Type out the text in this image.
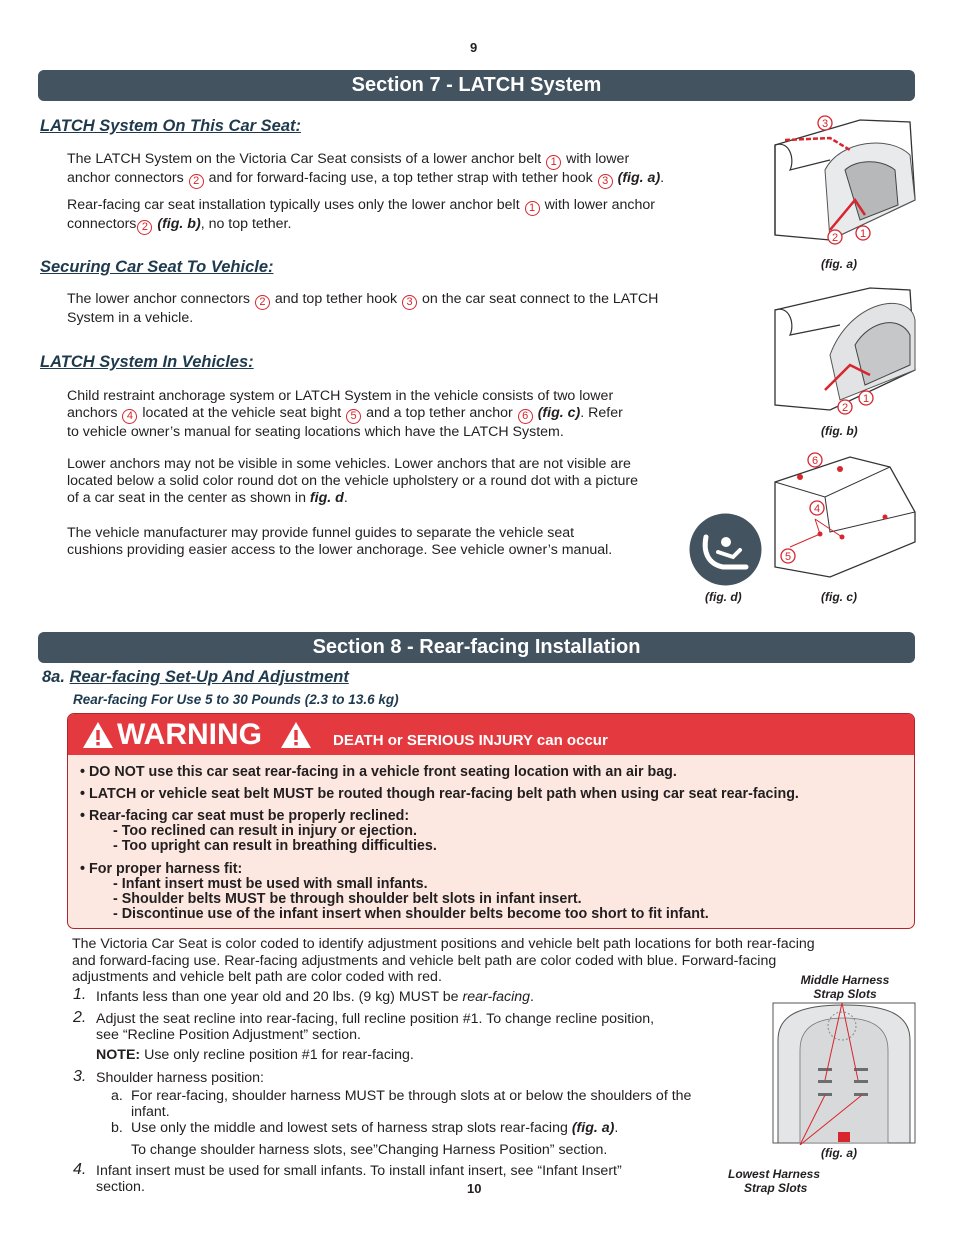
9
Section 7 - LATCH System
LATCH System On This Car Seat:
The LATCH System on the Victoria Car Seat consists of a lower anchor belt 1 with lower
anchor connectors 2 and for forward-facing use, a top tether strap with tether hook 3 (fig. a).
Rear-facing car seat installation typically uses only the lower anchor belt 1 with lower anchor
connectors 2 (fig. b), no top tether.
Securing Car Seat To Vehicle:
The lower anchor connectors 2 and top tether hook 3 on the car seat connect to the LATCH
System in a vehicle.
LATCH System In Vehicles:
Child restraint anchorage system or LATCH System in the vehicle consists of two lower
anchors 4 located at the vehicle seat bight 5 and a top tether anchor 6 (fig. c). Refer
to vehicle owner’s manual for seating locations which have the LATCH System.
Lower anchors may not be visible in some vehicles. Lower anchors that are not visible are
located below a solid color round dot on the vehicle upholstery or a round dot with a picture
of a car seat in the center as shown in fig. d.
The vehicle manufacturer may provide funnel guides to separate the vehicle seat
cushions providing easier access to the lower anchorage. See vehicle owner’s manual.
3
2 1
(fig. a)
2
1
(fig. b)
(fig. d)
6
4
5
(fig. c)
Section 8 - Rear-facing Installation
8a. Rear-facing Set-Up And Adjustment
Rear-facing For Use 5 to 30 Pounds (2.3 to 13.6 kg)
WARNING	DEATH or SERIOUS INJURY can occur
• DO NOT use this car seat rear-facing in a vehicle front seating location with an air bag.
• LATCH or vehicle seat belt MUST be routed though rear-facing belt path when using car seat rear-facing.
• Rear-facing car seat must be properly reclined:
- Too reclined can result in injury or ejection.
- Too upright can result in breathing difficulties.
• For proper harness fit:
- Infant insert must be used with small infants.
- Shoulder belts MUST be through shoulder belt slots in infant insert.
- Discontinue use of the infant insert when shoulder belts become too short to fit infant.
The Victoria Car Seat is color coded to identify adjustment positions and vehicle belt path locations for both rear-facing
and forward-facing use. Rear-facing adjustments and vehicle belt path are color coded with blue. Forward-facing
adjustments and vehicle belt path are color coded with red.
1. Infants less than one year old and 20 lbs. (9 kg) MUST be rear-facing.
2. Adjust the seat recline into rear-facing, full recline position #1. To change recline position,
see “Recline Position Adjustment” section.
NOTE: Use only recline position #1 for rear-facing.
3. Shoulder harness position:
a. For rear-facing, shoulder harness MUST be through slots at or below the shoulders of the
infant.
b. Use only the middle and lowest sets of harness strap slots rear-facing (fig. a).
To change shoulder harness slots, see”Changing Harness Position” section.
4. Infant insert must be used for small infants. To install infant insert, see “Infant Insert”
section.	10
Middle Harness
Strap Slots
(fig. a)
Lowest Harness
Strap Slots
